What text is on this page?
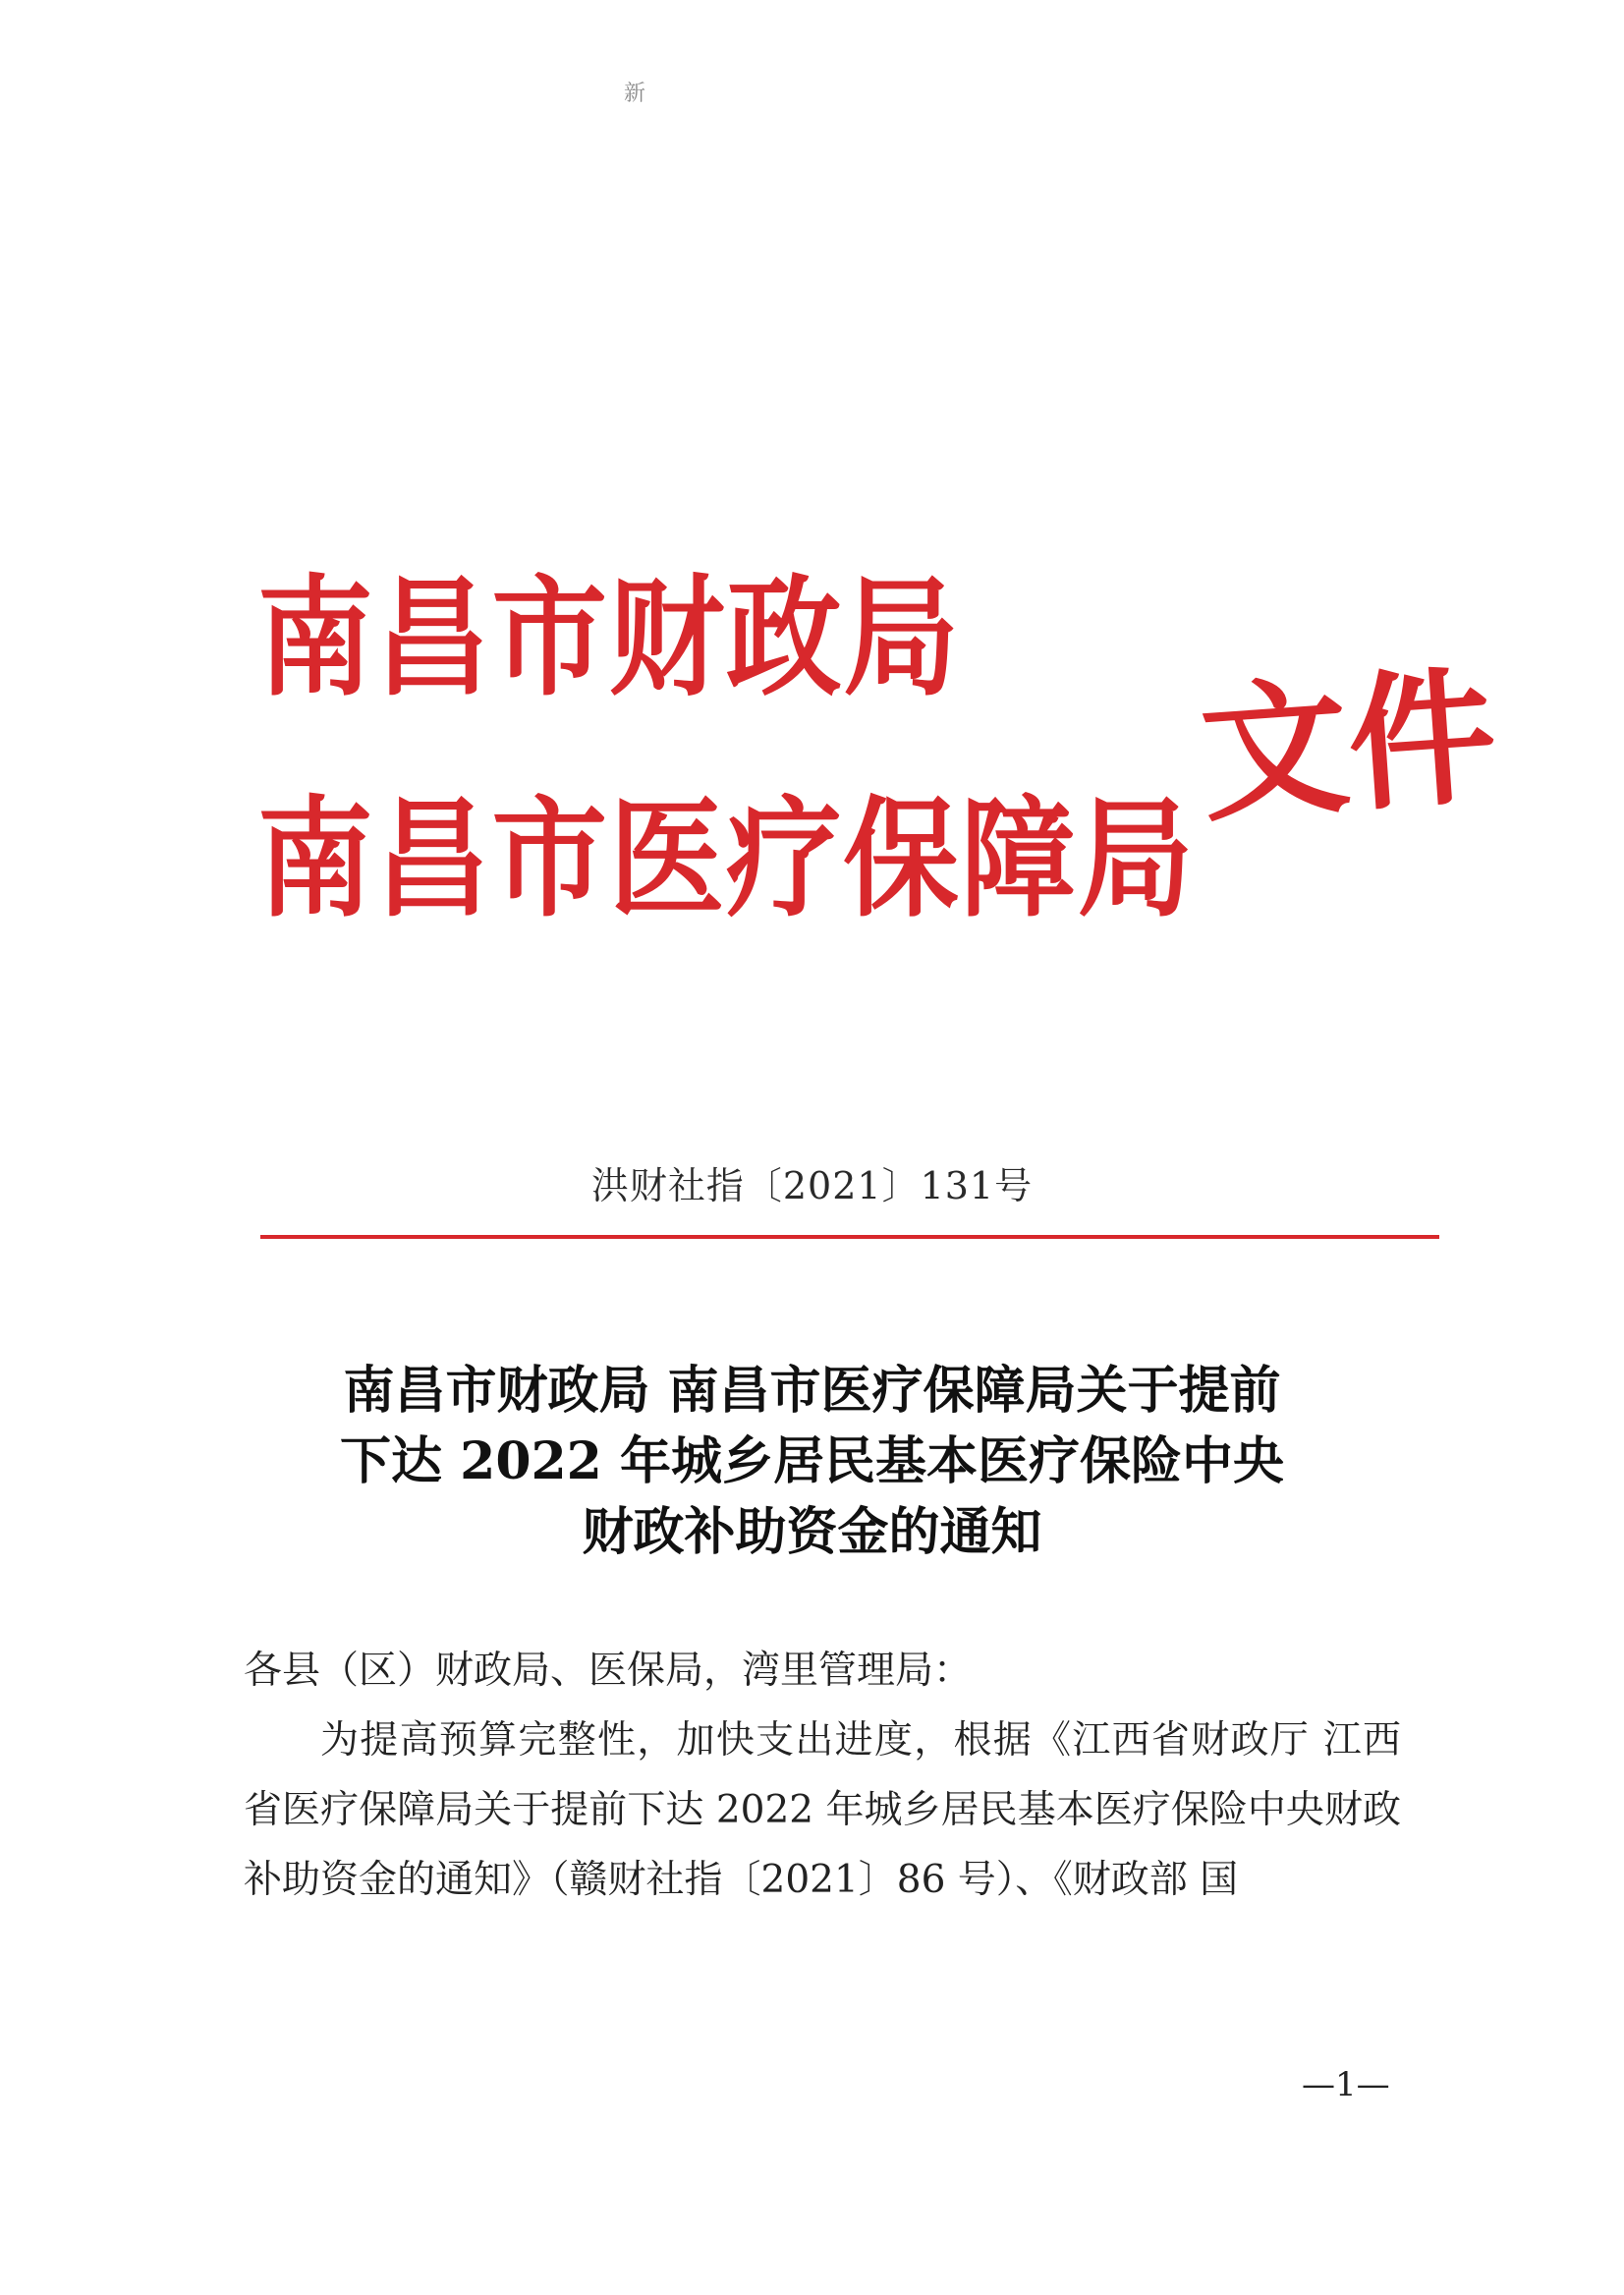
新
南昌市财政局
南昌市医疗保障局
文件
洪财社指〔2021〕131号
南昌市财政局 南昌市医疗保障局关于提前
下达 2022 年城乡居民基本医疗保险中央
财政补助资金的通知
各县（区）财政局、医保局，湾里管理局：
为提高预算完整性，加快支出进度，根据《江西省财政厅 江西省医疗保障局关于提前下达 2022 年城乡居民基本医疗保险中央财政补助资金的通知》（赣财社指〔2021〕86 号）、《财政部 国
—1—
